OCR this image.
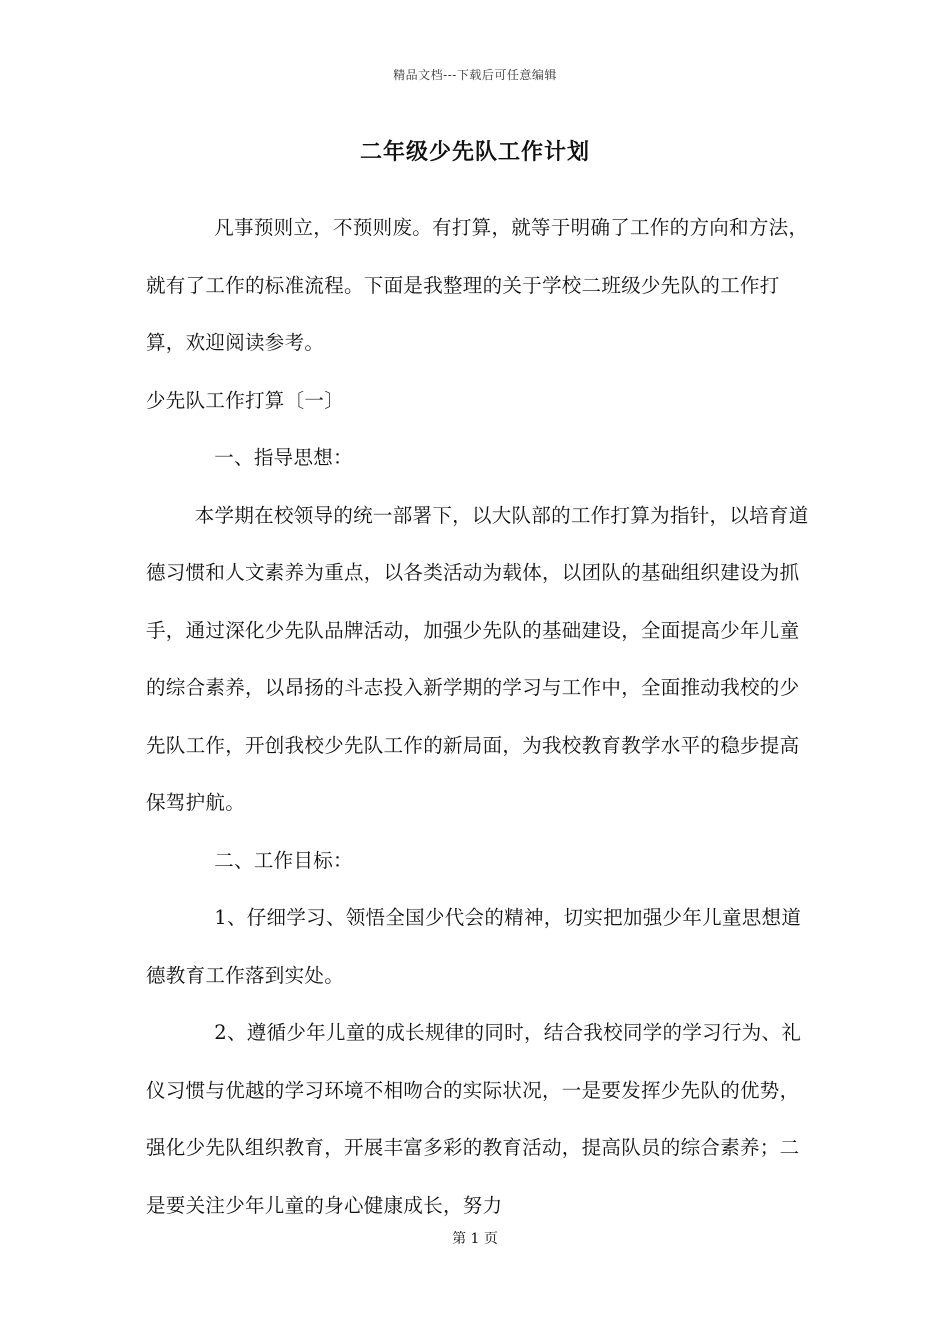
精品文档---下载后可任意编辑
二年级少先队工作计划

凡事预则立，不预则废。有打算，就等于明确了工作的方向和方法，就有了工作的标准流程。下面是我整理的关于学校二班级少先队的工作打算，欢迎阅读参考。

少先队工作打算〔一〕

一、指导思想：

本学期在校领导的统一部署下，以大队部的工作打算为指针，以培育道德习惯和人文素养为重点，以各类活动为载体，以团队的基础组织建设为抓手，通过深化少先队品牌活动，加强少先队的基础建设，全面提高少年儿童的综合素养，以昂扬的斗志投入新学期的学习与工作中，全面推动我校的少先队工作，开创我校少先队工作的新局面，为我校教育教学水平的稳步提高保驾护航。

二、工作目标：

1、仔细学习、领悟全国少代会的精神，切实把加强少年儿童思想道德教育工作落到实处。

2、遵循少年儿童的成长规律的同时，结合我校同学的学习行为、礼仪习惯与优越的学习环境不相吻合的实际状况，一是要发挥少先队的优势，强化少先队组织教育，开展丰富多彩的教育活动，提高队员的综合素养；二是要关注少年儿童的身心健康成长，努力

第 1 页
